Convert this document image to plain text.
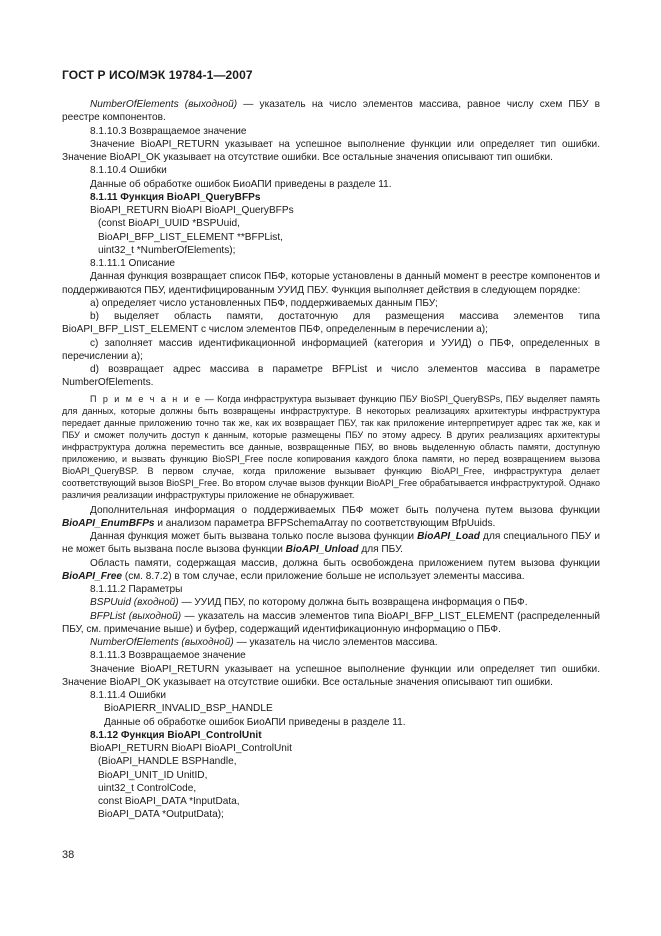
ГОСТ Р ИСО/МЭК 19784-1—2007

NumberOfElements (выходной) — указатель на число элементов массива, равное числу схем ПБУ в реестре компонентов.

8.1.10.3 Возвращаемое значение

Значение BioAPI_RETURN указывает на успешное выполнение функции или определяет тип ошибки. Значение BioAPI_OK указывает на отсутствие ошибки. Все остальные значения описывают тип ошибки.

8.1.10.4 Ошибки

Данные об обработке ошибок БиоАПИ приведены в разделе 11.

8.1.11 Функция BioAPI_QueryBFPs

BioAPI_RETURN BioAPI BioAPI_QueryBFPs

(const BioAPI_UUID *BSPUuid,

BioAPI_BFP_LIST_ELEMENT **BFPList,

uint32_t *NumberOfElements);

8.1.11.1 Описание

Данная функция возвращает список ПБФ, которые установлены в данный момент в реестре компонентов и поддерживаются ПБУ, идентифицированным УУИД ПБУ. Функция выполняет действия в следующем порядке:

a) определяет число установленных ПБФ, поддерживаемых данным ПБУ;

b) выделяет область памяти, достаточную для размещения массива элементов типа

BioAPI_BFP_LIST_ELEMENT с числом элементов ПБФ, определенным в перечислении a);

c) заполняет массив идентификационной информацией (категория и УУИД) о ПБФ, определенных в перечислении a);

d) возвращает адрес массива в параметре BFPList и число элементов массива в параметре

NumberOfElements.

П р и м е ч а н и е — Когда инфраструктура вызывает функцию ПБУ BioSPI_QueryBSPs, ПБУ выделяет память для данных, которые должны быть возвращены инфраструктуре. В некоторых реализациях архитектуры инфраструктура передает данные приложению точно так же, как их возвращает ПБУ, так как приложение интерпретирует адрес так же, как и ПБУ и сможет получить доступ к данным, которые размещены ПБУ по этому адресу. В других реализациях архитектуры инфраструктура должна переместить все данные, возвращенные ПБУ, во вновь выделенную область памяти, доступную приложению, и вызвать функцию BioSPI_Free после копирования каждого блока памяти, но перед возвращением вызова BioAPI_QueryBSP. В первом случае, когда приложение вызывает функцию BioAPI_Free, инфраструктура делает соответствующий вызов BioSPI_Free. Во втором случае вызов функции BioAPI_Free обрабатывается инфраструктурой. Однако различия реализации инфраструктуры приложение не обнаруживает.

Дополнительная информация о поддерживаемых ПБФ может быть получена путем вызова функции BioAPI_EnumBFPs и анализом параметра BFPSchemaArray по соответствующим BfpUuids.

Данная функция может быть вызвана только после вызова функции BioAPI_Load для специального ПБУ и не может быть вызвана после вызова функции BioAPI_Unload для ПБУ.

Область памяти, содержащая массив, должна быть освобождена приложением путем вызова функции BioAPI_Free (см. 8.7.2) в том случае, если приложение больше не использует элементы массива.

8.1.11.2 Параметры

BSPUuid (входной) — УУИД ПБУ, по которому должна быть возвращена информация о ПБФ.

BFPList (выходной) — указатель на массив элементов типа BioAPI_BFP_LIST_ELEMENT (распределенный ПБУ, см. примечание выше) и буфер, содержащий идентификационную информацию о ПБФ.

NumberOfElements (выходной) — указатель на число элементов массива.

8.1.11.3 Возвращаемое значение

Значение BioAPI_RETURN указывает на успешное выполнение функции или определяет тип ошибки. Значение BioAPI_OK указывает на отсутствие ошибки. Все остальные значения описывают тип ошибки.

8.1.11.4 Ошибки

BioAPIERR_INVALID_BSP_HANDLE

Данные об обработке ошибок БиоАПИ приведены в разделе 11.

8.1.12 Функция BioAPI_ControlUnit

BioAPI_RETURN BioAPI BioAPI_ControlUnit

(BioAPI_HANDLE BSPHandle,

BioAPI_UNIT_ID UnitID,

uint32_t ControlCode,

const BioAPI_DATA *InputData,

BioAPI_DATA *OutputData);

38
